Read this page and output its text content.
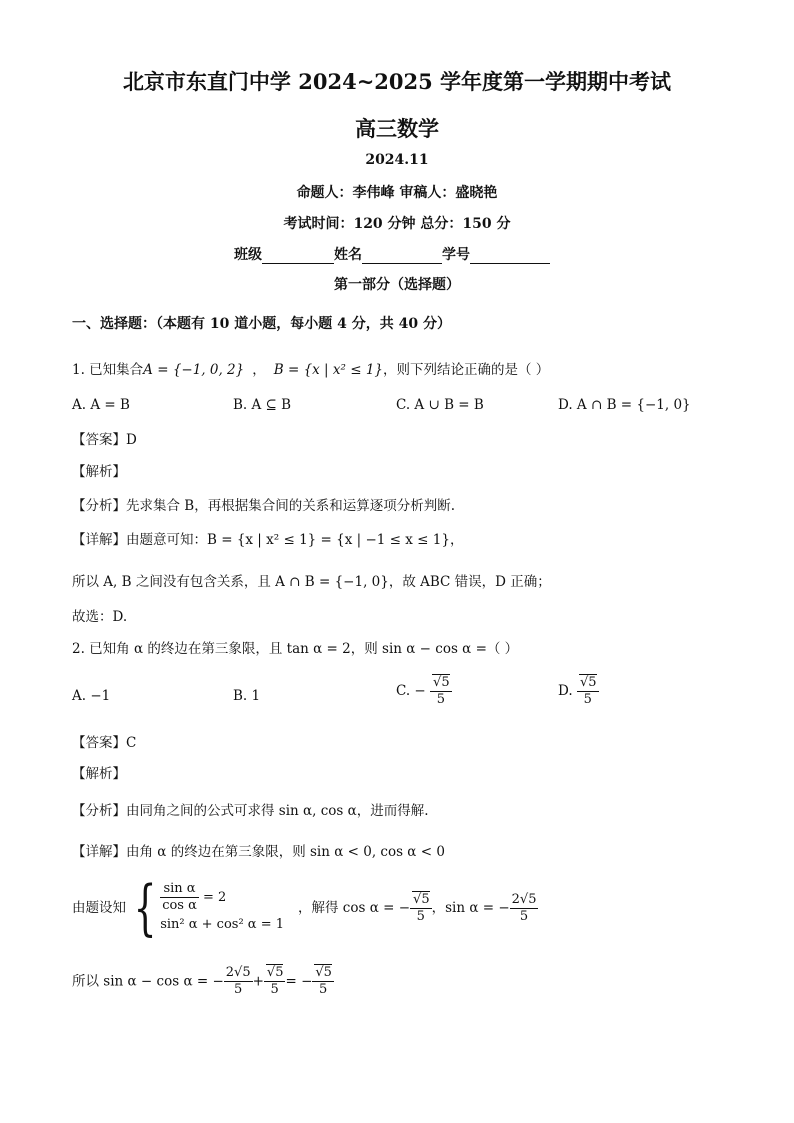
北京市东直门中学 2024~2025 学年度第一学期期中考试
高三数学
2024.11
命题人：李伟峰 审稿人：盛晓艳
考试时间：120 分钟 总分：150 分
班级	姓名	学号
第一部分（选择题）
一、选择题：（本题有 10 道小题，每小题 4 分，共 40 分）
1. 已知集合A = {−1, 0, 2} ， B = {x | x² ≤ 1}，则下列结论正确的是（ ）
A. A = B	B. A ⊆ B	C. A ∪ B = B	D. A ∩ B = {−1, 0}
【答案】D
【解析】
【分析】先求集合 B，再根据集合间的关系和运算逐项分析判断.
【详解】由题意可知：B = {x | x² ≤ 1} = {x | −1 ≤ x ≤ 1}，
所以 A, B 之间没有包含关系，且 A ∩ B = {−1, 0}，故 ABC 错误，D 正确；
故选：D.
2. 已知角 α 的终边在第三象限，且 tan α = 2，则 sin α − cos α =（ ）
A. −1	B. 1	C. − $\frac{√5}{5}$	D. $\frac{√5}{5}$
【答案】C
【解析】
【分析】由同角之间的公式可求得 sin α, cos α，进而得解.
【详解】由角 α 的终边在第三象限，则 sin α < 0, cos α < 0
由题设知 { $\frac{\text{sin α}}{\text{cos α}} = 2$
sin² α + cos² α = 1
，解得 cos α = − $\frac{√5}{5}$ ，sin α = − $\frac{2√5}{5}$
所以 sin α − cos α = − $\frac{2√5}{5} + \frac{√5}{5}$ = − $\frac{√5}{5}$
